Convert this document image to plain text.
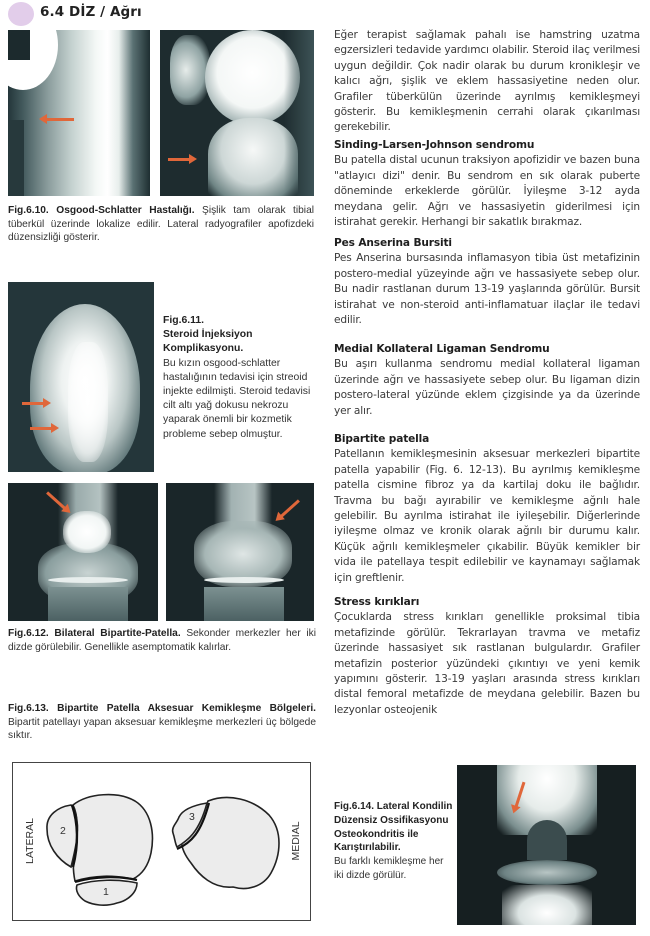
6.4 DİZ / Ağrı
Fig.6.10. Osgood-Schlatter Hastalığı. Şişlik tam olarak tibial tüberkül üzerinde lokalize edilir. Lateral radyografiler apofizdeki düzensizliği gösterir.
Fig.6.11.
Steroid İnjeksiyon Komplikasyonu.
Bu kızın osgood-schlatter hastalığının tedavisi için streoid injekte edilmişti. Steroid tedavisi cilt altı yağ dokusu nekrozu yaparak önemli bir kozmetik probleme sebep olmuştur.
Fig.6.12. Bilateral Bipartite-Patella. Sekonder merkezler her iki dizde görülebilir. Genellikle asemptomatik kalırlar.
Fig.6.13. Bipartite Patella Aksesuar Kemikleşme Bölgeleri. Bipartit patellayı yapan aksesuar kemikleşme merkezleri üç bölgede sıktır.
1
2
3
LATERAL	MEDIAL
Eğer terapist sağlamak pahalı ise hamstring uzatma egzersizleri tedavide yardımcı olabilir. Steroid ilaç verilmesi uygun değildir. Çok nadir olarak bu durum kronikleşir ve kalıcı ağrı, şişlik ve eklem hassasiyetine neden olur. Grafiler tüberkülün üzerinde ayrılmış kemikleşmeyi gösterir. Bu kemikleşmenin cerrahi olarak çıkarılması gerekebilir.
Sinding-Larsen-Johnson sendromu
Bu patella distal ucunun traksiyon apofizidir ve bazen buna "atlayıcı dizi" denir. Bu sendrom en sık olarak puberte döneminde erkeklerde görülür. İyileşme 3-12 ayda meydana gelir. Ağrı ve hassasiyetin giderilmesi için istirahat gerekir. Herhangi bir sakatlık bırakmaz.
Pes Anserina Bursiti
Pes Anserina bursasında inflamasyon tibia üst metafizinin postero-medial yüzeyinde ağrı ve hassasiyete sebep olur. Bu nadir rastlanan durum 13-19 yaşlarında görülür. Bursit istirahat ve non-steroid anti-inflamatuar ilaçlar ile tedavi edilir.
Medial Kollateral Ligaman Sendromu
Bu aşırı kullanma sendromu medial kollateral ligaman üzerinde ağrı ve hassasiyete sebep olur. Bu ligaman dizin postero-lateral yüzünde eklem çizgisinde ya da üzerinde yer alır.
Bipartite patella
Patellanın kemikleşmesinin aksesuar merkezleri bipartite patella yapabilir (Fig. 6. 12-13). Bu ayrılmış kemikleşme patella cismine fibroz ya da kartilaj doku ile bağlıdır. Travma bu bağı ayırabilir ve kemikleşme ağrılı hale gelebilir. Bu ayrılma istirahat ile iyileşebilir. Diğerlerinde iyileşme olmaz ve kronik olarak ağrılı bir durumu kalır. Küçük ağrılı kemikleşmeler çıkabilir. Büyük kemikler bir vida ile patellaya tespit edilebilir ve kaynamayı sağlamak için greftlenir.
Stress kırıkları
Çocuklarda stress kırıkları genellikle proksimal tibia metafizinde görülür. Tekrarlayan travma ve metafiz üzerinde hassasiyet sık rastlanan bulgulardır. Grafiler metafizin posterior yüzündeki çıkıntıyı ve yeni kemik yapımını gösterir. 13-19 yaşları arasında stress kırıkları distal femoral metafizde de meydana gelebilir. Bazen bu lezyonlar osteojenik
Fig.6.14. Lateral Kondilin Düzensiz Ossifikasyonu Osteokondritis ile Karıştırılabilir.
Bu farklı kemikleşme her iki dizde görülür.
